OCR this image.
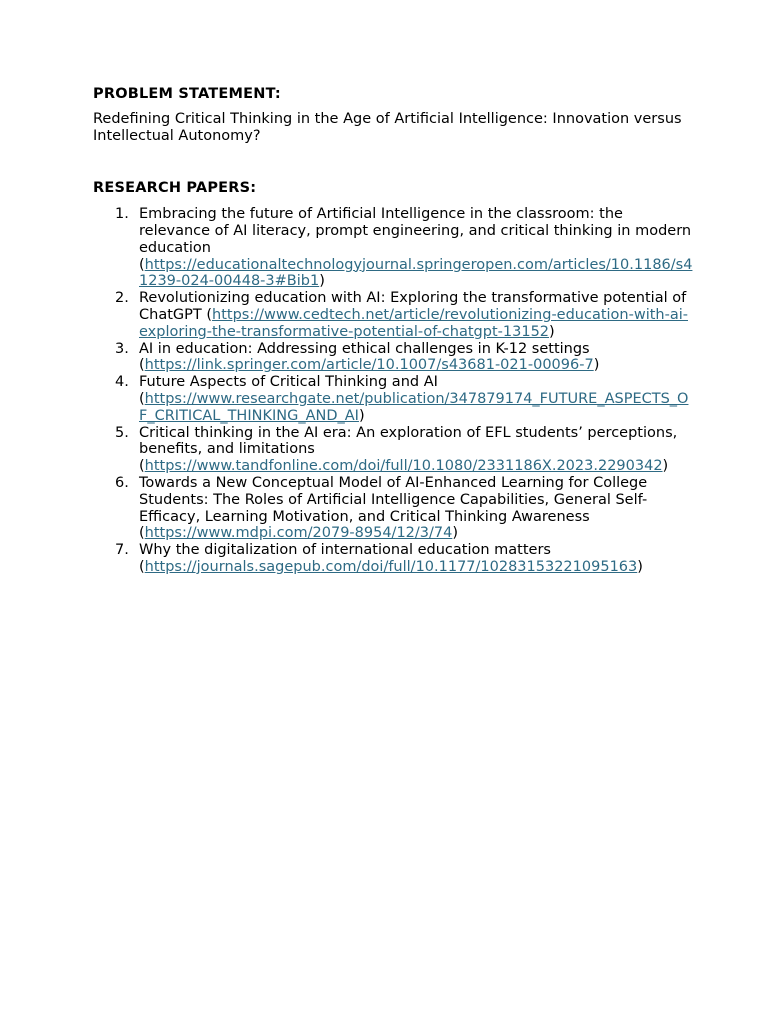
PROBLEM STATEMENT:
Redefining Critical Thinking in the Age of Artificial Intelligence: Innovation versus Intellectual Autonomy?
RESEARCH PAPERS:
1. Embracing the future of Artificial Intelligence in the classroom: the relevance of AI literacy, prompt engineering, and critical thinking in modern education
(https://educationaltechnologyjournal.springeropen.com/articles/10.1186/s41239-024-00448-3#Bib1)
2. Revolutionizing education with AI: Exploring the transformative potential of ChatGPT (https://www.cedtech.net/article/revolutionizing-education-with-ai-exploring-the-transformative-potential-of-chatgpt-13152)
3. AI in education: Addressing ethical challenges in K-12 settings
(https://link.springer.com/article/10.1007/s43681-021-00096-7)
4. Future Aspects of Critical Thinking and AI
(https://www.researchgate.net/publication/347879174_FUTURE_ASPECTS_OF_CRITICAL_THINKING_AND_AI)
5. Critical thinking in the AI era: An exploration of EFL students’ perceptions, benefits, and limitations
(https://www.tandfonline.com/doi/full/10.1080/2331186X.2023.2290342)
6. Towards a New Conceptual Model of AI-Enhanced Learning for College Students: The Roles of Artificial Intelligence Capabilities, General Self-Efficacy, Learning Motivation, and Critical Thinking Awareness
(https://www.mdpi.com/2079-8954/12/3/74)
7. Why the digitalization of international education matters
(https://journals.sagepub.com/doi/full/10.1177/10283153221095163)
